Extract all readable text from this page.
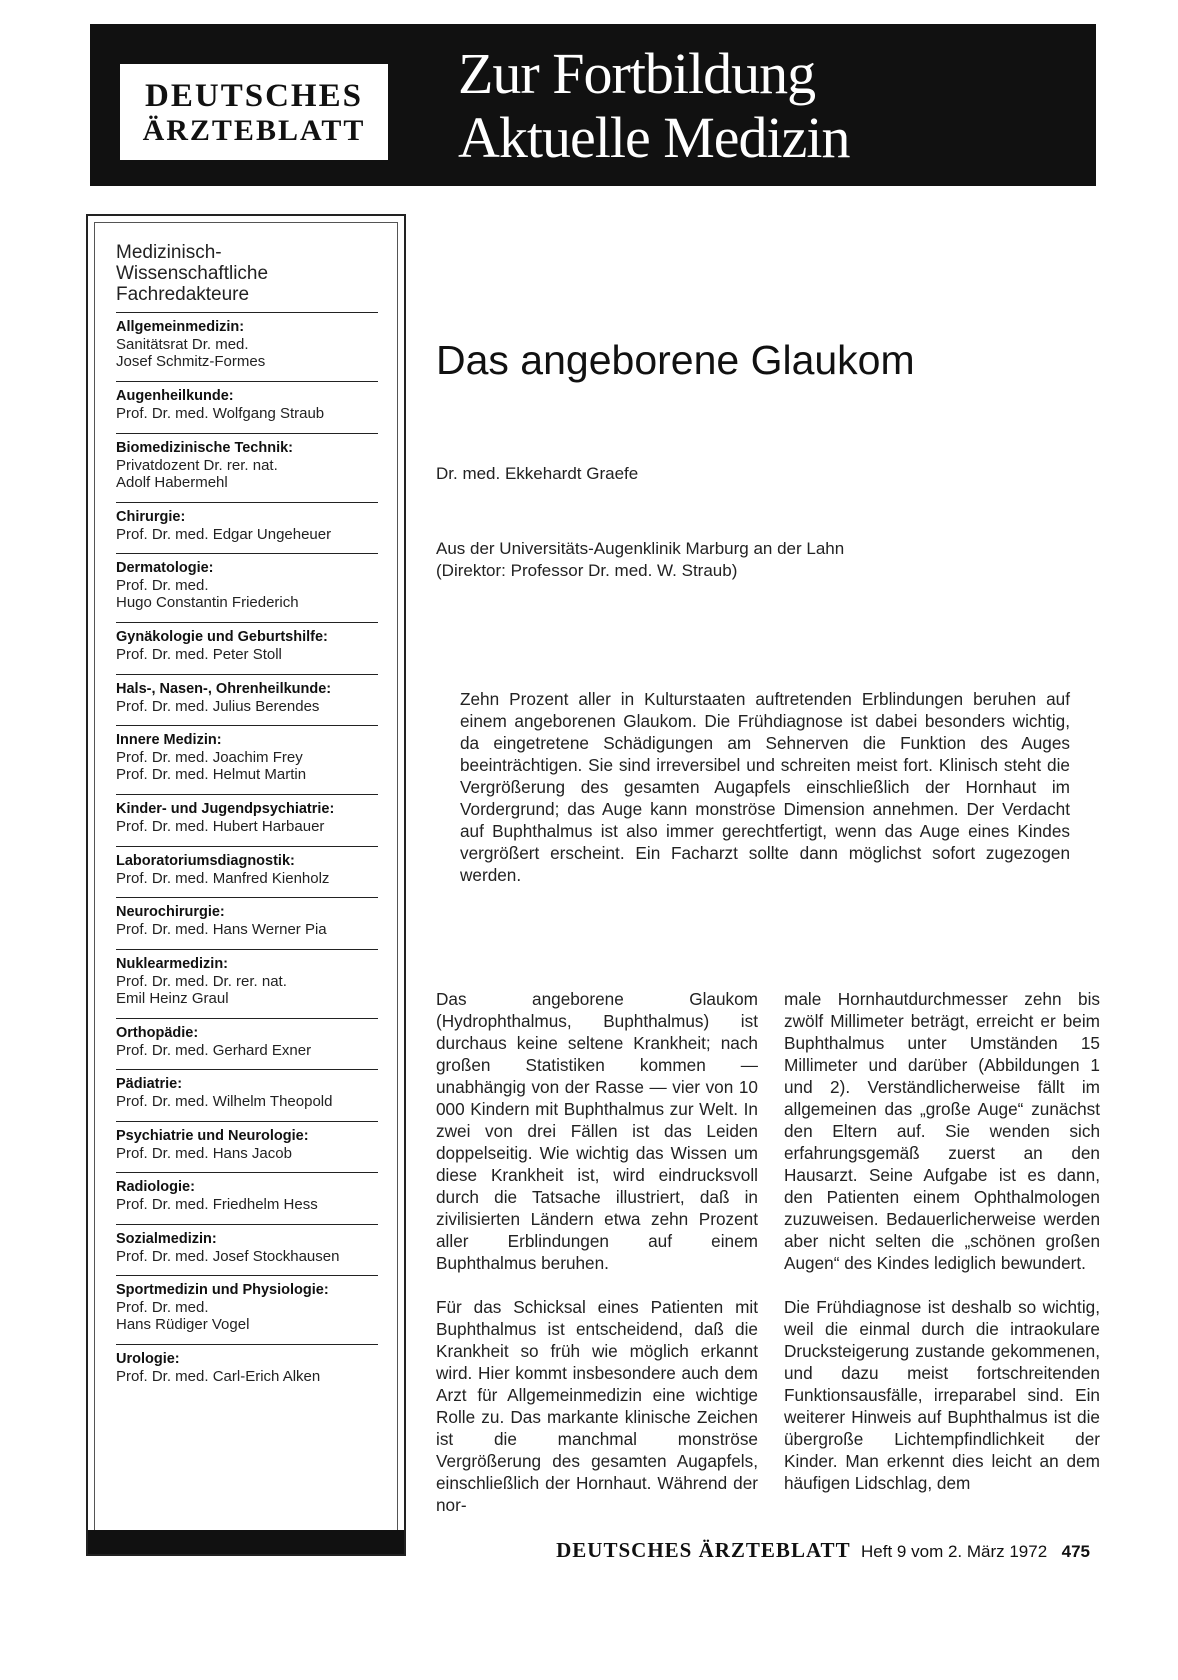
DEUTSCHES
ÄRZTEBLATT
Zur Fortbildung
Aktuelle Medizin
Medizinisch-
Wissenschaftliche
Fachredakteure
Allgemeinmedizin:
Sanitätsrat Dr. med.
Josef Schmitz-Formes
Augenheilkunde:
Prof. Dr. med. Wolfgang Straub
Biomedizinische Technik:
Privatdozent Dr. rer. nat.
Adolf Habermehl
Chirurgie:
Prof. Dr. med. Edgar Ungeheuer
Dermatologie:
Prof. Dr. med.
Hugo Constantin Friederich
Gynäkologie und Geburtshilfe:
Prof. Dr. med. Peter Stoll
Hals-, Nasen-, Ohrenheilkunde:
Prof. Dr. med. Julius Berendes
Innere Medizin:
Prof. Dr. med. Joachim Frey
Prof. Dr. med. Helmut Martin
Kinder- und Jugendpsychiatrie:
Prof. Dr. med. Hubert Harbauer
Laboratoriumsdiagnostik:
Prof. Dr. med. Manfred Kienholz
Neurochirurgie:
Prof. Dr. med. Hans Werner Pia
Nuklearmedizin:
Prof. Dr. med. Dr. rer. nat.
Emil Heinz Graul
Orthopädie:
Prof. Dr. med. Gerhard Exner
Pädiatrie:
Prof. Dr. med. Wilhelm Theopold
Psychiatrie und Neurologie:
Prof. Dr. med. Hans Jacob
Radiologie:
Prof. Dr. med. Friedhelm Hess
Sozialmedizin:
Prof. Dr. med. Josef Stockhausen
Sportmedizin und Physiologie:
Prof. Dr. med.
Hans Rüdiger Vogel
Urologie:
Prof. Dr. med. Carl-Erich Alken
Das angeborene Glaukom
Dr. med. Ekkehardt Graefe
Aus der Universitäts-Augenklinik Marburg an der Lahn
(Direktor: Professor Dr. med. W. Straub)

Zehn Prozent aller in Kulturstaaten auftretenden Erblindungen beruhen auf einem angeborenen Glaukom. Die Frühdiagnose ist dabei besonders wichtig, da eingetretene Schädigungen am Sehnerven die Funktion des Auges beeinträchtigen. Sie sind irreversibel und schreiten meist fort. Klinisch steht die Vergrößerung des gesamten Augapfels einschließlich der Hornhaut im Vordergrund; das Auge kann monströse Dimension annehmen. Der Verdacht auf Buphthalmus ist also immer gerechtfertigt, wenn das Auge eines Kindes vergrößert erscheint. Ein Facharzt sollte dann möglichst sofort zugezogen werden.

Das angeborene Glaukom (Hydrophthalmus, Buphthalmus) ist durchaus keine seltene Krankheit; nach großen Statistiken kommen — unabhängig von der Rasse — vier von 10 000 Kindern mit Buphthalmus zur Welt. In zwei von drei Fällen ist das Leiden doppelseitig. Wie wichtig das Wissen um diese Krankheit ist, wird eindrucksvoll durch die Tatsache illustriert, daß in zivilisierten Ländern etwa zehn Prozent aller Erblindungen auf einem Buphthalmus beruhen.

Für das Schicksal eines Patienten mit Buphthalmus ist entscheidend, daß die Krankheit so früh wie möglich erkannt wird. Hier kommt insbesondere auch dem Arzt für Allgemeinmedizin eine wichtige Rolle zu. Das markante klinische Zeichen ist die manchmal monströse Vergrößerung des gesamten Augapfels, einschließlich der Hornhaut. Während der nor-

male Hornhautdurchmesser zehn bis zwölf Millimeter beträgt, erreicht er beim Buphthalmus unter Umständen 15 Millimeter und darüber (Abbildungen 1 und 2). Verständlicherweise fällt im allgemeinen das „große Auge“ zunächst den Eltern auf. Sie wenden sich erfahrungsgemäß zuerst an den Hausarzt. Seine Aufgabe ist es dann, den Patienten einem Ophthalmologen zuzuweisen. Bedauerlicherweise werden aber nicht selten die „schönen großen Augen“ des Kindes lediglich bewundert.

Die Frühdiagnose ist deshalb so wichtig, weil die einmal durch die intraokulare Drucksteigerung zustande gekommenen, und dazu meist fortschreitenden Funktionsausfälle, irreparabel sind. Ein weiterer Hinweis auf Buphthalmus ist die übergroße Lichtempfindlichkeit der Kinder. Man erkennt dies leicht an dem häufigen Lidschlag, dem

DEUTSCHES ÄRZTEBLATT Heft 9 vom 2. März 1972 475
